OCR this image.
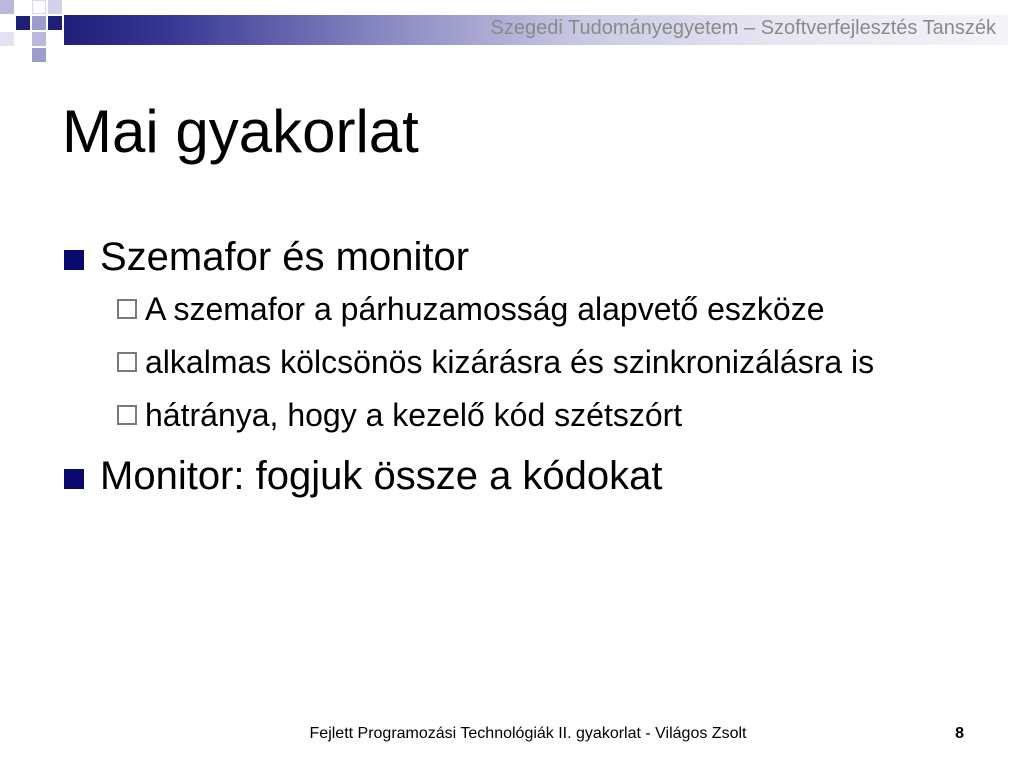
Szegedi Tudományegyetem – Szoftverfejlesztés Tanszék
Mai gyakorlat
Szemafor és monitor
A szemafor a párhuzamosság alapvető eszköze
alkalmas kölcsönös kizárásra és szinkronizálásra is
hátránya, hogy a kezelő kód szétszórt
Monitor: fogjuk össze a kódokat
Fejlett Programozási Technológiák II. gyakorlat - Világos Zsolt	8
